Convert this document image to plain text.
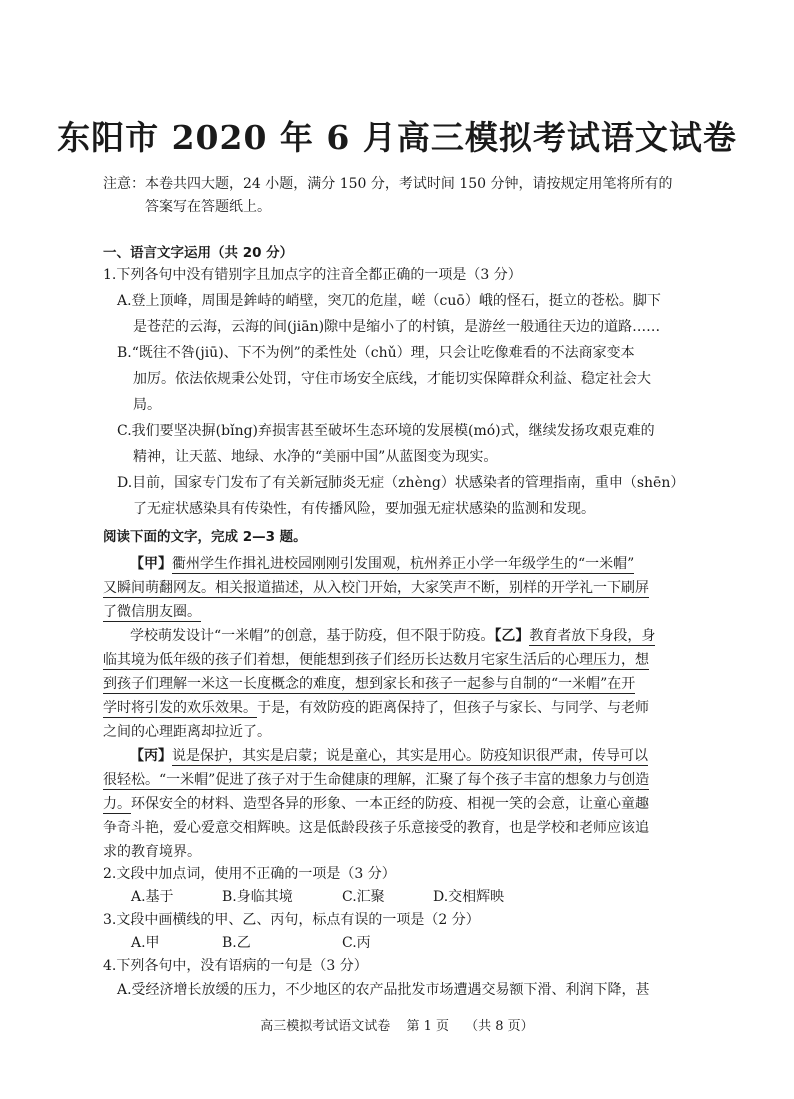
东阳市 2020 年 6 月高三模拟考试语文试卷
注意：本卷共四大题，24 小题，满分 150 分，考试时间 150 分钟，请按规定用笔将所有的
答案写在答题纸上。
一、语言文字运用（共 20 分）
1.下列各句中没有错别字且加点字的注音全都正确的一项是（3 分）
A.登上顶峰，周围是鉾峙的峭壁，突兀的危崖，嵯（cuō）峨的怪石，挺立的苍松。脚下
是苍茫的云海，云海的间(jiān)隙中是缩小了的村镇，是游丝一般通往天边的道路……
B.“既往不咎(jiū)、下不为例”的柔性处（chǔ）理，只会让吃像难看的不法商家变本
加厉。依法依规秉公处罚，守住市场安全底线，才能切实保障群众利益、稳定社会大
局。
C.我们要坚决摒(bǐng)弃损害甚至破坏生态环境的发展模(mó)式，继续发扬攻艰克难的
精神，让天蓝、地绿、水净的“美丽中国”从蓝图变为现实。
D.目前，国家专门发布了有关新冠肺炎无症（zhèng）状感染者的管理指南，重申（shēn）
了无症状感染具有传染性，有传播风险，要加强无症状感染的监测和发现。
阅读下面的文字，完成 2—3 题。
【甲】衢州学生作揖礼进校园刚刚引发围观，杭州养正小学一年级学生的“一米帽”
又瞬间萌翻网友。相关报道描述，从入校门开始，大家笑声不断，别样的开学礼一下刷屏
了微信朋友圈。
学校萌发设计“一米帽”的创意，基于防疫，但不限于防疫。【乙】教育者放下身段，身
临其境为低年级的孩子们着想，便能想到孩子们经历长达数月宅家生活后的心理压力，想
到孩子们理解一米这一长度概念的难度，想到家长和孩子一起参与自制的“一米帽”在开
学时将引发的欢乐效果。于是，有效防疫的距离保持了，但孩子与家长、与同学、与老师
之间的心理距离却拉近了。
【丙】说是保护，其实是启蒙；说是童心，其实是用心。防疫知识很严肃，传导可以
很轻松。“一米帽”促进了孩子对于生命健康的理解，汇聚了每个孩子丰富的想象力与创造
力。环保安全的材料、造型各异的形象、一本正经的防疫、相视一笑的会意，让童心童趣
争奇斗艳，爱心爱意交相辉映。这是低龄段孩子乐意接受的教育，也是学校和老师应该追
求的教育境界。
2.文段中加点词，使用不正确的一项是（3 分）
A.基于	B.身临其境	C.汇聚	D.交相辉映
3.文段中画横线的甲、乙、丙句，标点有误的一项是（2 分）
A.甲	B.乙	C.丙
4.下列各句中，没有语病的一句是（3 分）
A.受经济增长放缓的压力，不少地区的农产品批发市场遭遇交易额下滑、利润下降，甚
高三模拟考试语文试卷 第 1 页 （共 8 页）
